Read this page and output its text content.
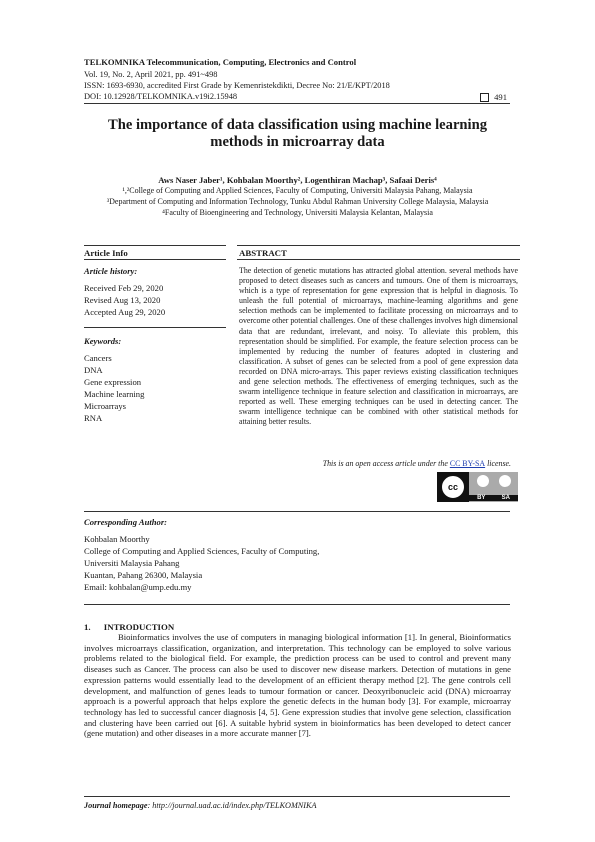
TELKOMNIKA Telecommunication, Computing, Electronics and Control
Vol. 19, No. 2, April 2021, pp. 491~498
ISSN: 1693-6930, accredited First Grade by Kemenristekdikti, Decree No: 21/E/KPT/2018
DOI: 10.12928/TELKOMNIKA.v19i2.15948	491
The importance of data classification using machine learning methods in microarray data
Aws Naser Jaber¹, Kohbalan Moorthy², Logenthiran Machap³, Safaai Deris⁴
¹,²College of Computing and Applied Sciences, Faculty of Computing, Universiti Malaysia Pahang, Malaysia
³Department of Computing and Information Technology, Tunku Abdul Rahman University College Malaysia, Malaysia
⁴Faculty of Bioengineering and Technology, Universiti Malaysia Kelantan, Malaysia
Article Info	ABSTRACT
Article history:
Received Feb 29, 2020
Revised Aug 13, 2020
Accepted Aug 29, 2020
Keywords:
Cancers
DNA
Gene expression
Machine learning
Microarrays
RNA
The detection of genetic mutations has attracted global attention. several methods have proposed to detect diseases such as cancers and tumours. One of them is microarrays, which is a type of representation for gene expression that is helpful in diagnosis. To unleash the full potential of microarrays, machine-learning algorithms and gene selection methods can be implemented to facilitate processing on microarrays and to overcome other potential challenges. One of these challenges involves high dimensional data that are redundant, irrelevant, and noisy. To alleviate this problem, this representation should be simplified. For example, the feature selection process can be implemented by reducing the number of features adopted in clustering and classification. A subset of genes can be selected from a pool of gene expression data recorded on DNA micro-arrays. This paper reviews existing classification techniques and gene selection methods. The effectiveness of emerging techniques, such as the swarm intelligence technique in feature selection and classification in microarrays, are reported as well. These emerging techniques can be used in detecting cancer. The swarm intelligence technique can be combined with other statistical methods for attaining better results.
This is an open access article under the CC BY-SA license.
cc
BY	SA
Corresponding Author:
Kohbalan Moorthy
College of Computing and Applied Sciences, Faculty of Computing,
Universiti Malaysia Pahang
Kuantan, Pahang 26300, Malaysia
Email: kohbalan@ump.edu.my
1.      INTRODUCTION
Bioinformatics involves the use of computers in managing biological information [1]. In general, Bioinformatics involves microarrays classification, organization, and interpretation. This technology can be employed to solve various problems related to the biological field. For example, the prediction process can be used to control and prevent many diseases such as Cancer. The process can also be used to discover new disease markers. Detection of mutations in gene expression patterns would essentially lead to the development of an efficient therapy method [2]. The gene controls cell development, and malfunction of genes leads to tumour formation or cancer. Deoxyribonucleic acid (DNA) microarray approach is a powerful approach that helps explore the genetic defects in the human body [3]. For example, microarray technology has led to successful cancer diagnosis [4, 5]. Gene expression studies that involve gene selection, classification and clustering have been carried out [6]. A suitable hybrid system in bioinformatics has been developed to detect cancer (gene mutation) and other diseases in a more accurate manner [7].
Journal homepage: http://journal.uad.ac.id/index.php/TELKOMNIKA
